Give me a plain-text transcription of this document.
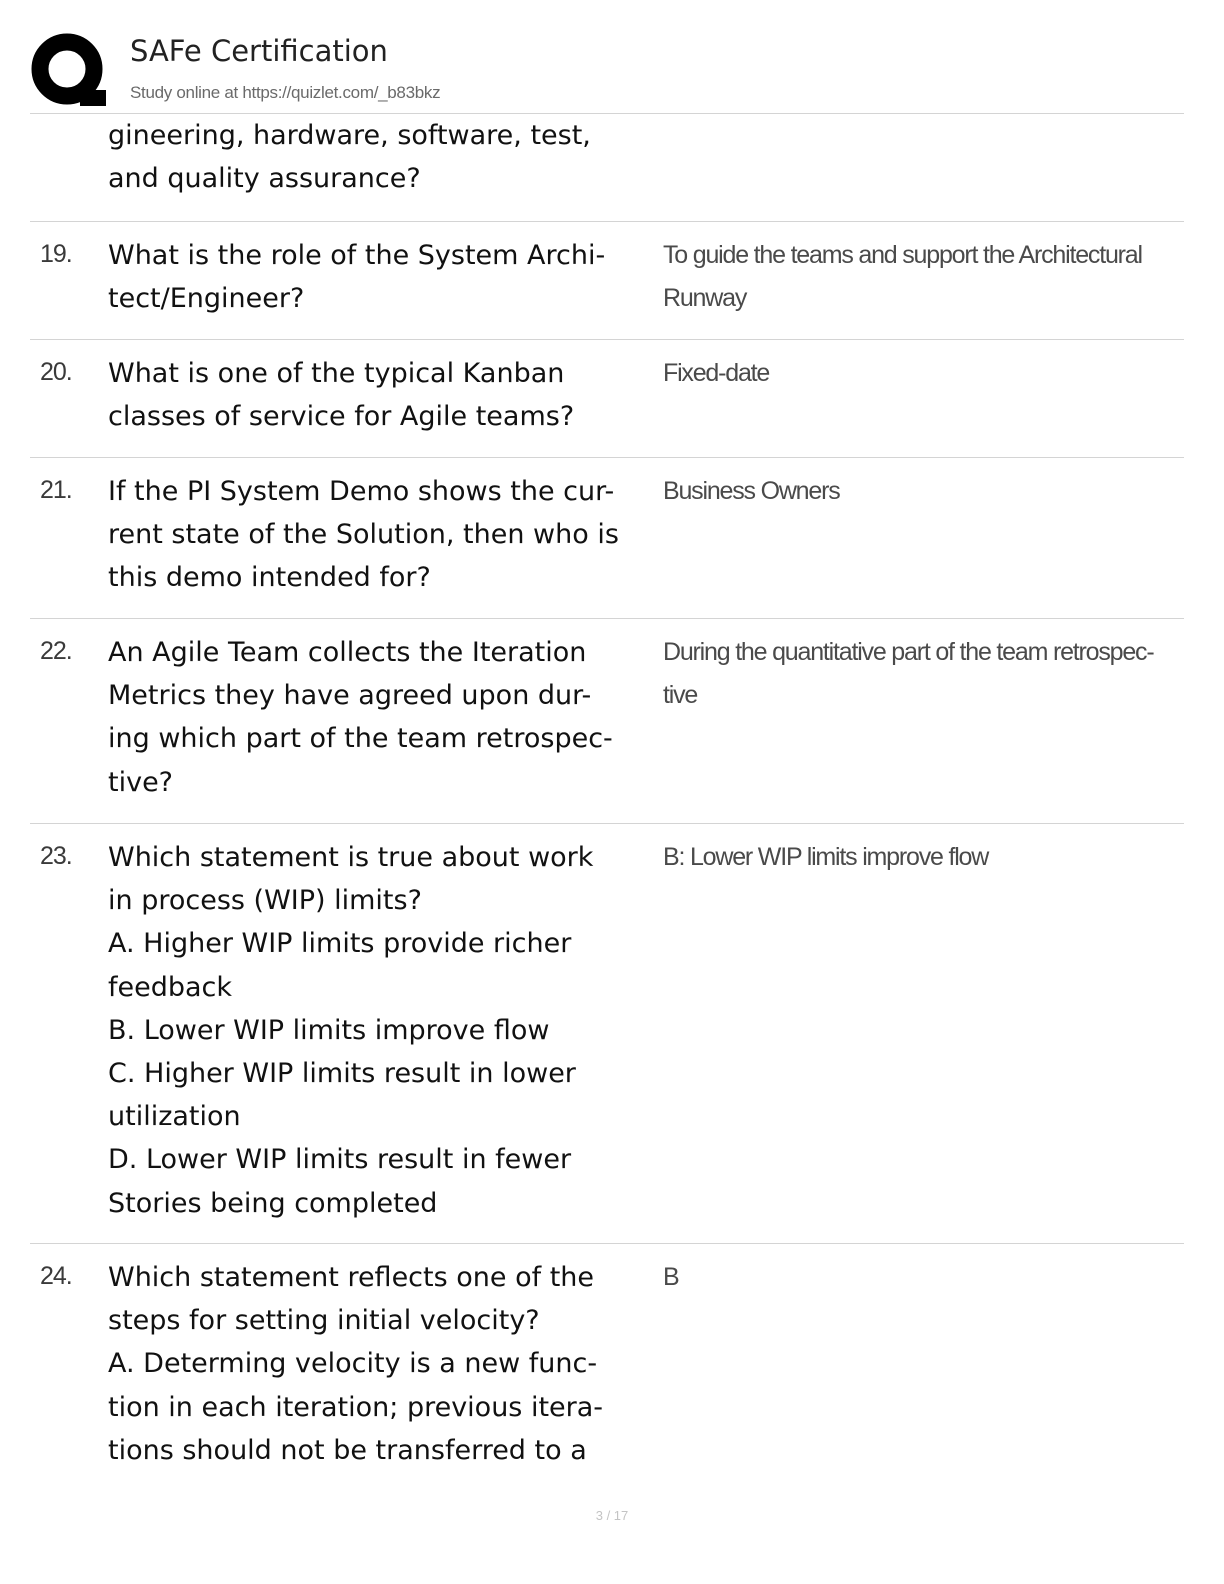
SAFe Certification
Study online at https://quizlet.com/_b83bkz
gineering, hardware, software, test,
and quality assurance?
19. What is the role of the System Archi-
tect/Engineer?
To guide the teams and support the Architectural
Runway
20. What is one of the typical Kanban
classes of service for Agile teams?
Fixed-date
21. If the PI System Demo shows the cur-
rent state of the Solution, then who is
this demo intended for?
Business Owners
22. An Agile Team collects the Iteration
Metrics they have agreed upon dur-
ing which part of the team retrospec-
tive?
During the quantitative part of the team retrospec-
tive
23. Which statement is true about work
in process (WIP) limits?
A. Higher WIP limits provide richer
feedback
B. Lower WIP limits improve flow
C. Higher WIP limits result in lower
utilization
D. Lower WIP limits result in fewer
Stories being completed
B: Lower WIP limits improve flow
24. Which statement reflects one of the
steps for setting initial velocity?
A. Determing velocity is a new func-
tion in each iteration; previous itera-
tions should not be transferred to a
B
3 / 17
